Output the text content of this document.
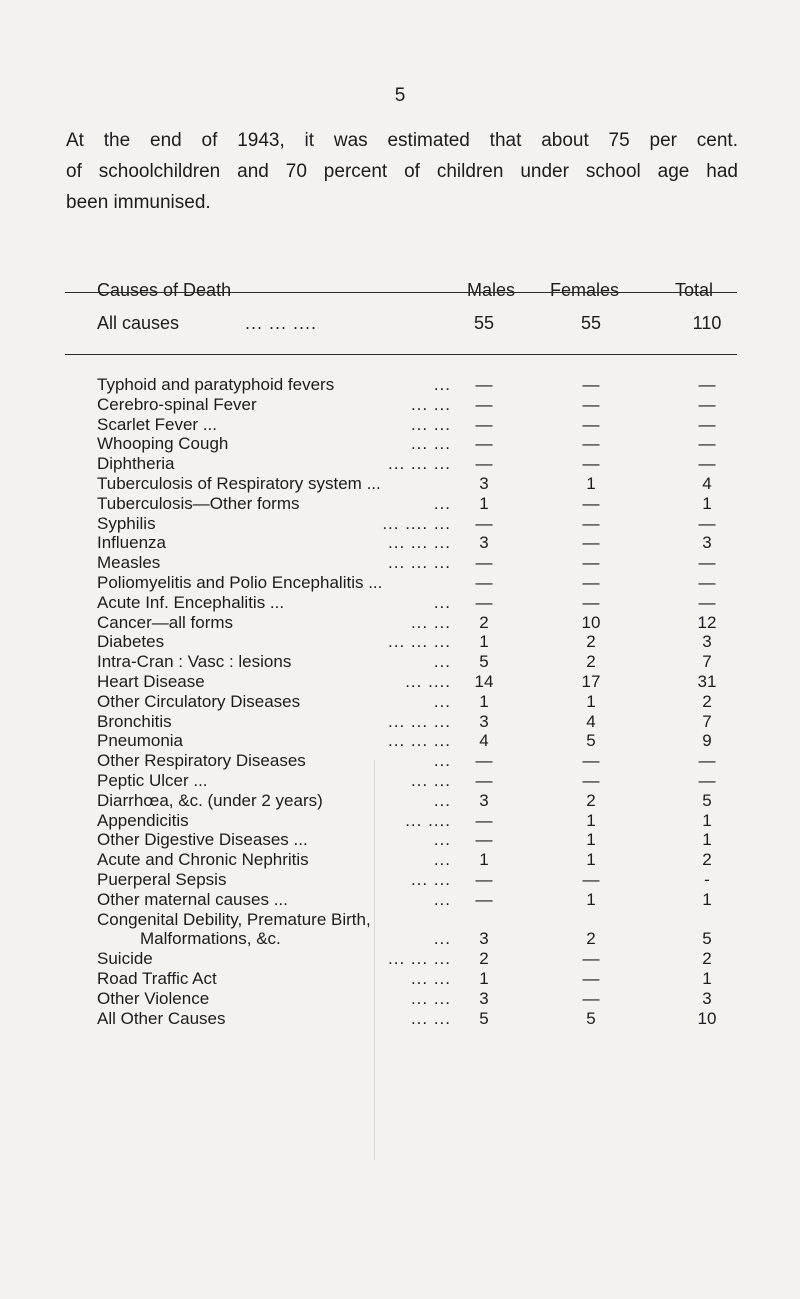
5
At the end of 1943, it was estimated that about 75 per cent.
of schoolchildren and 70 percent of children under school age had
been immunised.
Causes of Death	Males Females	Total
All causes	... ... ....	55	55	110
Typhoid and paratyphoid fevers	...	—	—	—
Cerebro-spinal Fever	... ...	—	—	—
Scarlet Fever ...	... ...	—	—	—
Whooping Cough	... ...	—	—	—
Diphtheria	... ... ...	—	—	—
Tuberculosis of Respiratory system ...	3	1	4
Tuberculosis—Other forms	...	1	—	1
Syphilis	... .... ...	—	—	—
Influenza	... ... ...	3	—	3
Measles	... ... ...	—	—	—
Poliomyelitis and Polio Encephalitis ...	—	—	—
Acute Inf. Encephalitis ...	...	—	—	—
Cancer—all forms	... ...	2	10	12
Diabetes	... ... ...	1	2	3
Intra-Cran : Vasc : lesions	...	5	2	7
Heart Disease	... ....	14	17	31
Other Circulatory Diseases	...	1	1	2
Bronchitis	... ... ...	3	4	7
Pneumonia	... ... ...	4	5	9
Other Respiratory Diseases	...	—	—	—
Peptic Ulcer ...	... ...	—	—	—
Diarrhœa, &c. (under 2 years)	...	3	2	5
Appendicitis	... ....	—	1	1
Other Digestive Diseases ...	...	—	1	1
Acute and Chronic Nephritis	...	1	1	2
Puerperal Sepsis	... ...	—	—	-
Other maternal causes ...	...	—	1	1
Congenital Debility, Premature Birth,
Malformations, &c.	...	3	2	5
Suicide	... ... ...	2	—	2
Road Traffic Act	... ...	1	—	1
Other Violence	... ...	3	—	3
All Other Causes	... ...	5	5	10
